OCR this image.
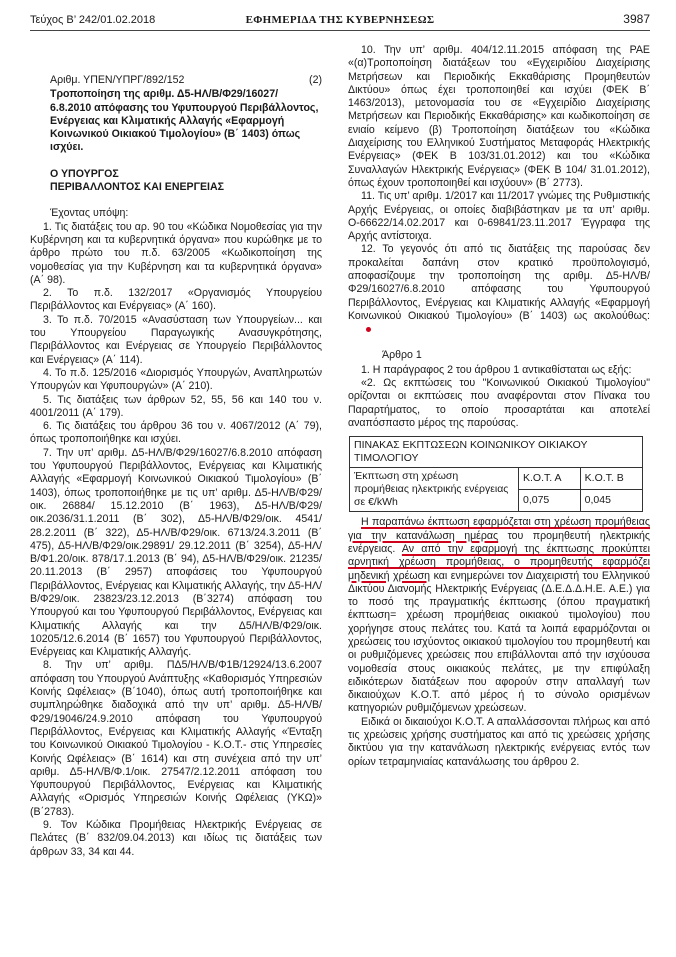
Τεύχος Β’ 242/01.02.2018	ΕΦΗΜΕΡΙΔΑ ΤΗΣ ΚΥΒΕΡΝΗΣΕΩΣ	3987

Αριθμ. ΥΠΕΝ/ΥΠΡΓ/892/152	(2)

Τροποποίηση της αριθμ. Δ5-ΗΛ/Β/Φ29/16027/ 6.8.2010 απόφασης του Υφυπουργού Περιβάλλοντος, Ενέργειας και Κλιματικής Αλλαγής «Εφαρμογή Κοινωνικού Οικιακού Τιμολογίου» (Β΄ 1403) όπως ισχύει.

Ο ΥΠΟΥΡΓΟΣ
ΠΕΡΙΒΑΛΛΟΝΤΟΣ ΚΑΙ ΕΝΕΡΓΕΙΑΣ

Έχοντας υπόψη:

1. Τις διατάξεις του αρ. 90 του «Κώδικα Νομοθεσίας για την Κυβέρνηση και τα κυβερνητικά όργανα» που κυρώθηκε με το άρθρο πρώτο του π.δ. 63/2005 «Κωδικοποίηση της νομοθεσίας για την Κυβέρνηση και τα κυβερνητικά όργανα» (Α΄ 98).

2. Το π.δ. 132/2017 «Οργανισμός Υπουργείου Περιβάλλοντος και Ενέργειας» (Α΄ 160).

3. Το π.δ. 70/2015 «Ανασύσταση των Υπουργείων... και του Υπουργείου Παραγωγικής Ανασυγκρότησης, Περιβάλλοντος και Ενέργειας σε Υπουργείο Περιβάλλοντος και Ενέργειας» (Α΄ 114).

4. Το π.δ. 125/2016 «Διορισμός Υπουργών, Αναπληρωτών Υπουργών και Υφυπουργών» (Α΄ 210).

5. Τις διατάξεις των άρθρων 52, 55, 56 και 140 του ν. 4001/2011 (Α΄ 179).

6. Τις διατάξεις του άρθρου 36 του ν. 4067/2012 (Α΄ 79), όπως τροποποιήθηκε και ισχύει.

7. Την υπ’ αριθμ. Δ5-ΗΛ/Β/Φ29/16027/6.8.2010 απόφαση του Υφυπουργού Περιβάλλοντος, Ενέργειας και Κλιματικής Αλλαγής «Εφαρμογή Κοινωνικού Οικιακού Τιμολογίου» (Β΄ 1403), όπως τροποποιήθηκε με τις υπ’ αριθμ. Δ5-ΗΛ/Β/Φ29/οικ. 26884/ 15.12.2010 (Β΄ 1963), Δ5-ΗΛ/Β/Φ29/οικ.2036/31.1.2011 (Β΄ 302), Δ5-ΗΛ/Β/Φ29/οικ. 4541/ 28.2.2011 (Β΄ 322), Δ5-ΗΛ/Β/Φ29/οικ. 6713/24.3.2011 (Β΄ 475), Δ5-ΗΛ/Β/Φ29/οικ.29891/ 29.12.2011 (Β΄ 3254), Δ5-ΗΛ/Β/Φ1.20/οικ. 878/17.1.2013 (Β΄ 94), Δ5-ΗΛ/Β/Φ29/οικ. 21235/ 20.11.2013 (Β΄ 2957) αποφάσεις του Υφυπουργού Περιβάλλοντος, Ενέργειας και Κλιματικής Αλλαγής, την Δ5-ΗΛ/Β/Φ29/οικ. 23823/23.12.2013 (Β΄3274) απόφαση του Υπουργού και του Υφυπουργού Περιβάλλοντος, Ενέργειας και Κλιματικής Αλλαγής και την Δ5/ΗΛ/Β/Φ29/οικ. 10205/12.6.2014 (Β΄ 1657) του Υφυπουργού Περιβάλλοντος, Ενέργειας και Κλιματικής Αλλαγής.

8. Την υπ’ αριθμ. ΠΔ5/ΗΛ/Β/Φ1Β/12924/13.6.2007 απόφαση του Υπουργού Ανάπτυξης «Καθορισμός Υπηρεσιών Κοινής Ωφέλειας» (Β΄1040), όπως αυτή τροποποιήθηκε και συμπληρώθηκε διαδοχικά από την υπ’ αριθμ. Δ5-ΗΛ/Β/Φ29/19046/24.9.2010 απόφαση του Υφυπουργού Περιβάλλοντος, Ενέργειας και Κλιματικής Αλλαγής «Ένταξη του Κοινωνικού Οικιακού Τιμολογίου - Κ.Ο.Τ.- στις Υπηρεσίες Κοινής Ωφέλειας» (Β΄ 1614) και στη συνέχεια από την υπ’ αριθμ. Δ5-ΗΛ/Β/Φ.1/οικ. 27547/2.12.2011 απόφαση του Υφυπουργού Περιβάλλοντος, Ενέργειας και Κλιματικής Αλλαγής «Ορισμός Υπηρεσιών Κοινής Ωφέλειας (ΥΚΩ)» (Β΄2783).

9. Τον Κώδικα Προμήθειας Ηλεκτρικής Ενέργειας σε Πελάτες (Β΄ 832/09.04.2013) και ιδίως τις διατάξεις των άρθρων 33, 34 και 44.

10. Την υπ’ αριθμ. 404/12.11.2015 απόφαση της ΡΑΕ «(α)Τροποποίηση διατάξεων του «Εγχειριδίου Διαχείρισης Μετρήσεων και Περιοδικής Εκκαθάρισης Προμηθευτών Δικτύου» όπως έχει τροποποιηθεί και ισχύει (ΦΕΚ Β΄ 1463/2013), μετονομασία του σε «Εγχειρίδιο Διαχείρισης Μετρήσεων και Περιοδικής Εκκαθάρισης» και κωδικοποίηση σε ενιαίο κείμενο (β) Τροποποίηση διατάξεων του «Κώδικα Διαχείρισης του Ελληνικού Συστήματος Μεταφοράς Ηλεκτρικής Ενέργειας» (ΦΕΚ Β 103/31.01.2012) και του «Κώδικα Συναλλαγών Ηλεκτρικής Ενέργειας» (ΦΕΚ Β 104/ 31.01.2012), όπως έχουν τροποποιηθεί και ισχύουν» (Β΄ 2773).

11. Τις υπ’ αριθμ. 1/2017 και 11/2017 γνώμες της Ρυθμιστικής Αρχής Ενέργειας, οι οποίες διαβιβάστηκαν με τα υπ’ αριθμ. Ο-66622/14.02.2017 και 0-69841/23.11.2017 Έγγραφα της Αρχής αντίστοιχα.

12. Το γεγονός ότι από τις διατάξεις της παρούσας δεν προκαλείται δαπάνη στον κρατικό προϋπολογισμό, αποφασίζουμε την τροποποίηση της αριθμ. Δ5-ΗΛ/Β/Φ29/16027/6.8.2010 απόφασης του Υφυπουργού Περιβάλλοντος, Ενέργειας και Κλιματικής Αλλαγής «Εφαρμογή Κοινωνικού Οικιακού Τιμολογίου» (Β΄ 1403) ως ακολούθως:

Άρθρο 1

1. Η παράγραφος 2 του άρθρου 1 αντικαθίσταται ως εξής:

«2. Ως εκπτώσεις του "Κοινωνικού Οικιακού Τιμολογίου" ορίζονται οι εκπτώσεις που αναφέρονται στον Πίνακα του Παραρτήματος, το οποίο προσαρτάται και αποτελεί αναπόσπαστο μέρος της παρούσας.

ΠΙΝΑΚΑΣ ΕΚΠΤΩΣΕΩΝ ΚΟΙΝΩΝΙΚΟΥ ΟΙΚΙΑΚΟΥ ΤΙΜΟΛΟΓΙΟΥ		
Έκπτωση στη χρέωση προμήθειας ηλεκτρικής ενέργειας σε €/kWh	Κ.Ο.Τ. Α	Κ.Ο.Τ. Β
	0,075	0,045

Η παραπάνω έκπτωση εφαρμόζεται στη χρέωση προμήθειας για την κατανάλωση ημέρας του προμηθευτή ηλεκτρικής ενέργειας. Αν από την εφαρμογή της έκπτωσης προκύπτει αρνητική χρέωση προμήθειας, ο προμηθευτής εφαρμόζει μηδενική χρέωση και ενημερώνει τον Διαχειριστή του Ελληνικού Δικτύου Διανομής Ηλεκτρικής Ενέργειας (Δ.Ε.Δ.Δ.Η.Ε. Α.Ε.) για το ποσό της πραγματικής έκπτωσης (όπου πραγματική έκπτωση= χρέωση προμήθειας οικιακού τιμολογίου) που χορήγησε στους πελάτες του. Κατά τα λοιπά εφαρμόζονται οι χρεώσεις του ισχύοντος οικιακού τιμολογίου του προμηθευτή και οι ρυθμιζόμενες χρεώσεις που επιβάλλονται από την ισχύουσα νομοθεσία στους οικιακούς πελάτες, με την επιφύλαξη ειδικότερων διατάξεων που αφορούν στην απαλλαγή των δικαιούχων Κ.Ο.Τ. από μέρος ή το σύνολο ορισμένων κατηγοριών ρυθμιζόμενων χρεώσεων.

Ειδικά οι δικαιούχοι Κ.Ο.Τ. Α απαλλάσσονται πλήρως και από τις χρεώσεις χρήσης συστήματος και από τις χρεώσεις χρήσης δικτύου για την κατανάλωση ηλεκτρικής ενέργειας εντός των ορίων τετραμηνιαίας κατανάλωσης του άρθρου 2.
